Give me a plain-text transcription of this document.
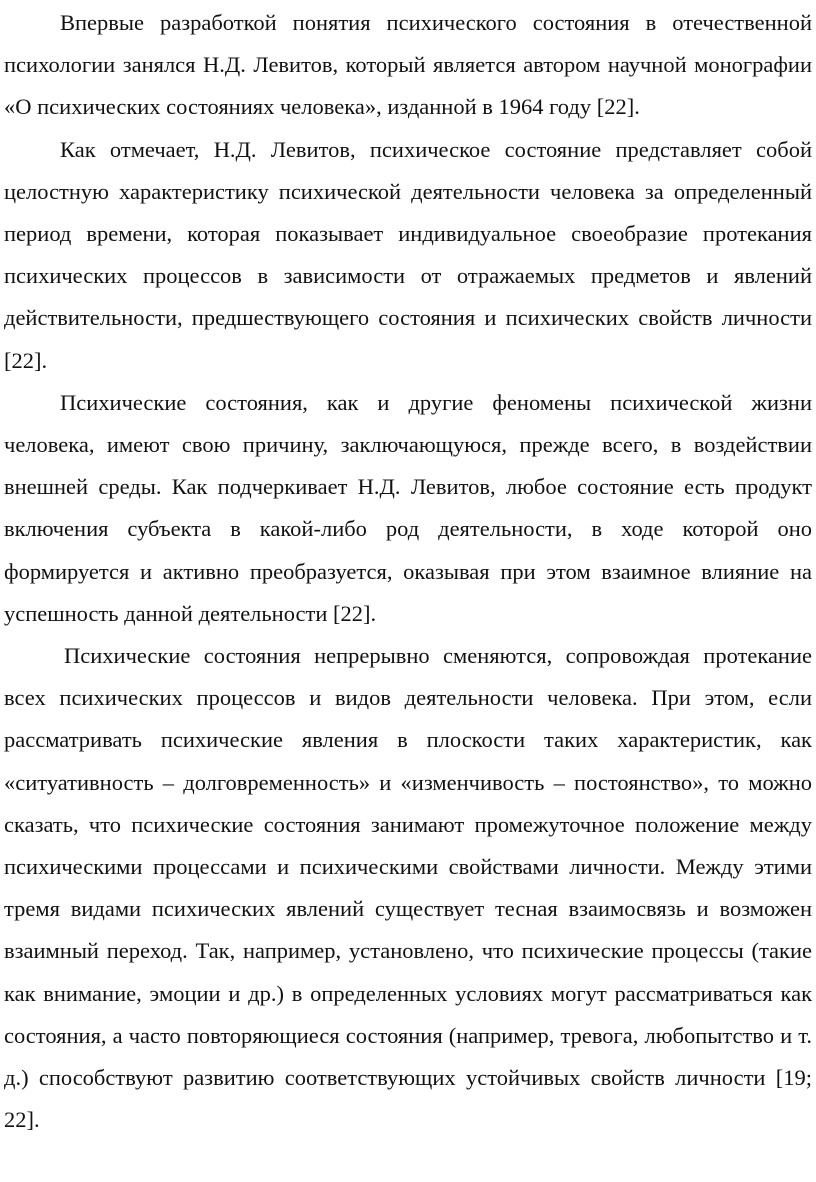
Впервые разработкой понятия психического состояния в отечественной психологии занялся Н.Д. Левитов, который является автором научной монографии «О психических состояниях человека», изданной в 1964 году [22].

Как отмечает, Н.Д. Левитов, психическое состояние представляет собой целостную характеристику психической деятельности человека за определенный период времени, которая показывает индивидуальное своеобразие протекания психических процессов в зависимости от отражаемых предметов и явлений действительности, предшествующего состояния и психических свойств личности [22].

Психические состояния, как и другие феномены психической жизни человека, имеют свою причину, заключающуюся, прежде всего, в воздействии внешней среды. Как подчеркивает Н.Д. Левитов, любое состояние есть продукт включения субъекта в какой-либо род деятельности, в ходе которой оно формируется и активно преобразуется, оказывая при этом взаимное влияние на успешность данной деятельности [22].

Психические состояния непрерывно сменяются, сопровождая протекание всех психических процессов и видов деятельности человека. При этом, если рассматривать психические явления в плоскости таких характеристик, как «ситуативность – долговременность» и «изменчивость – постоянство», то можно сказать, что психические состояния занимают промежуточное положение между психическими процессами и психическими свойствами личности. Между этими тремя видами психических явлений существует тесная взаимосвязь и возможен взаимный переход. Так, например, установлено, что психические процессы (такие как внимание, эмоции и др.) в определенных условиях могут рассматриваться как состояния, а часто повторяющиеся состояния (например, тревога, любопытство и т. д.) способствуют развитию соответствующих устойчивых свойств личности [19; 22].
